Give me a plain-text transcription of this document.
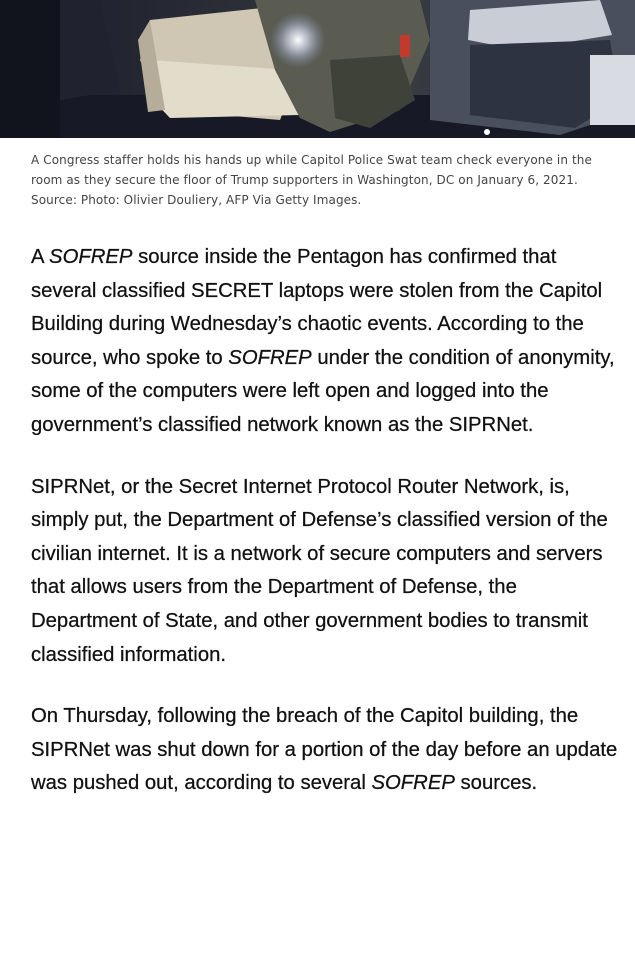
A Congress staffer holds his hands up while Capitol Police Swat team check everyone in the room as they secure the floor of Trump supporters in Washington, DC on January 6, 2021. Source: Photo: Olivier Douliery, AFP Via Getty Images.

A SOFREP source inside the Pentagon has confirmed that several classified SECRET laptops were stolen from the Capitol Building during Wednesday’s chaotic events. According to the source, who spoke to SOFREP under the condition of anonymity, some of the computers were left open and logged into the government’s classified network known as the SIPRNet.

SIPRNet, or the Secret Internet Protocol Router Network, is, simply put, the Department of Defense’s classified version of the civilian internet. It is a network of secure computers and servers that allows users from the Department of Defense, the Department of State, and other government bodies to transmit classified information.

On Thursday, following the breach of the Capitol building, the SIPRNet was shut down for a portion of the day before an update was pushed out, according to several SOFREP sources.
